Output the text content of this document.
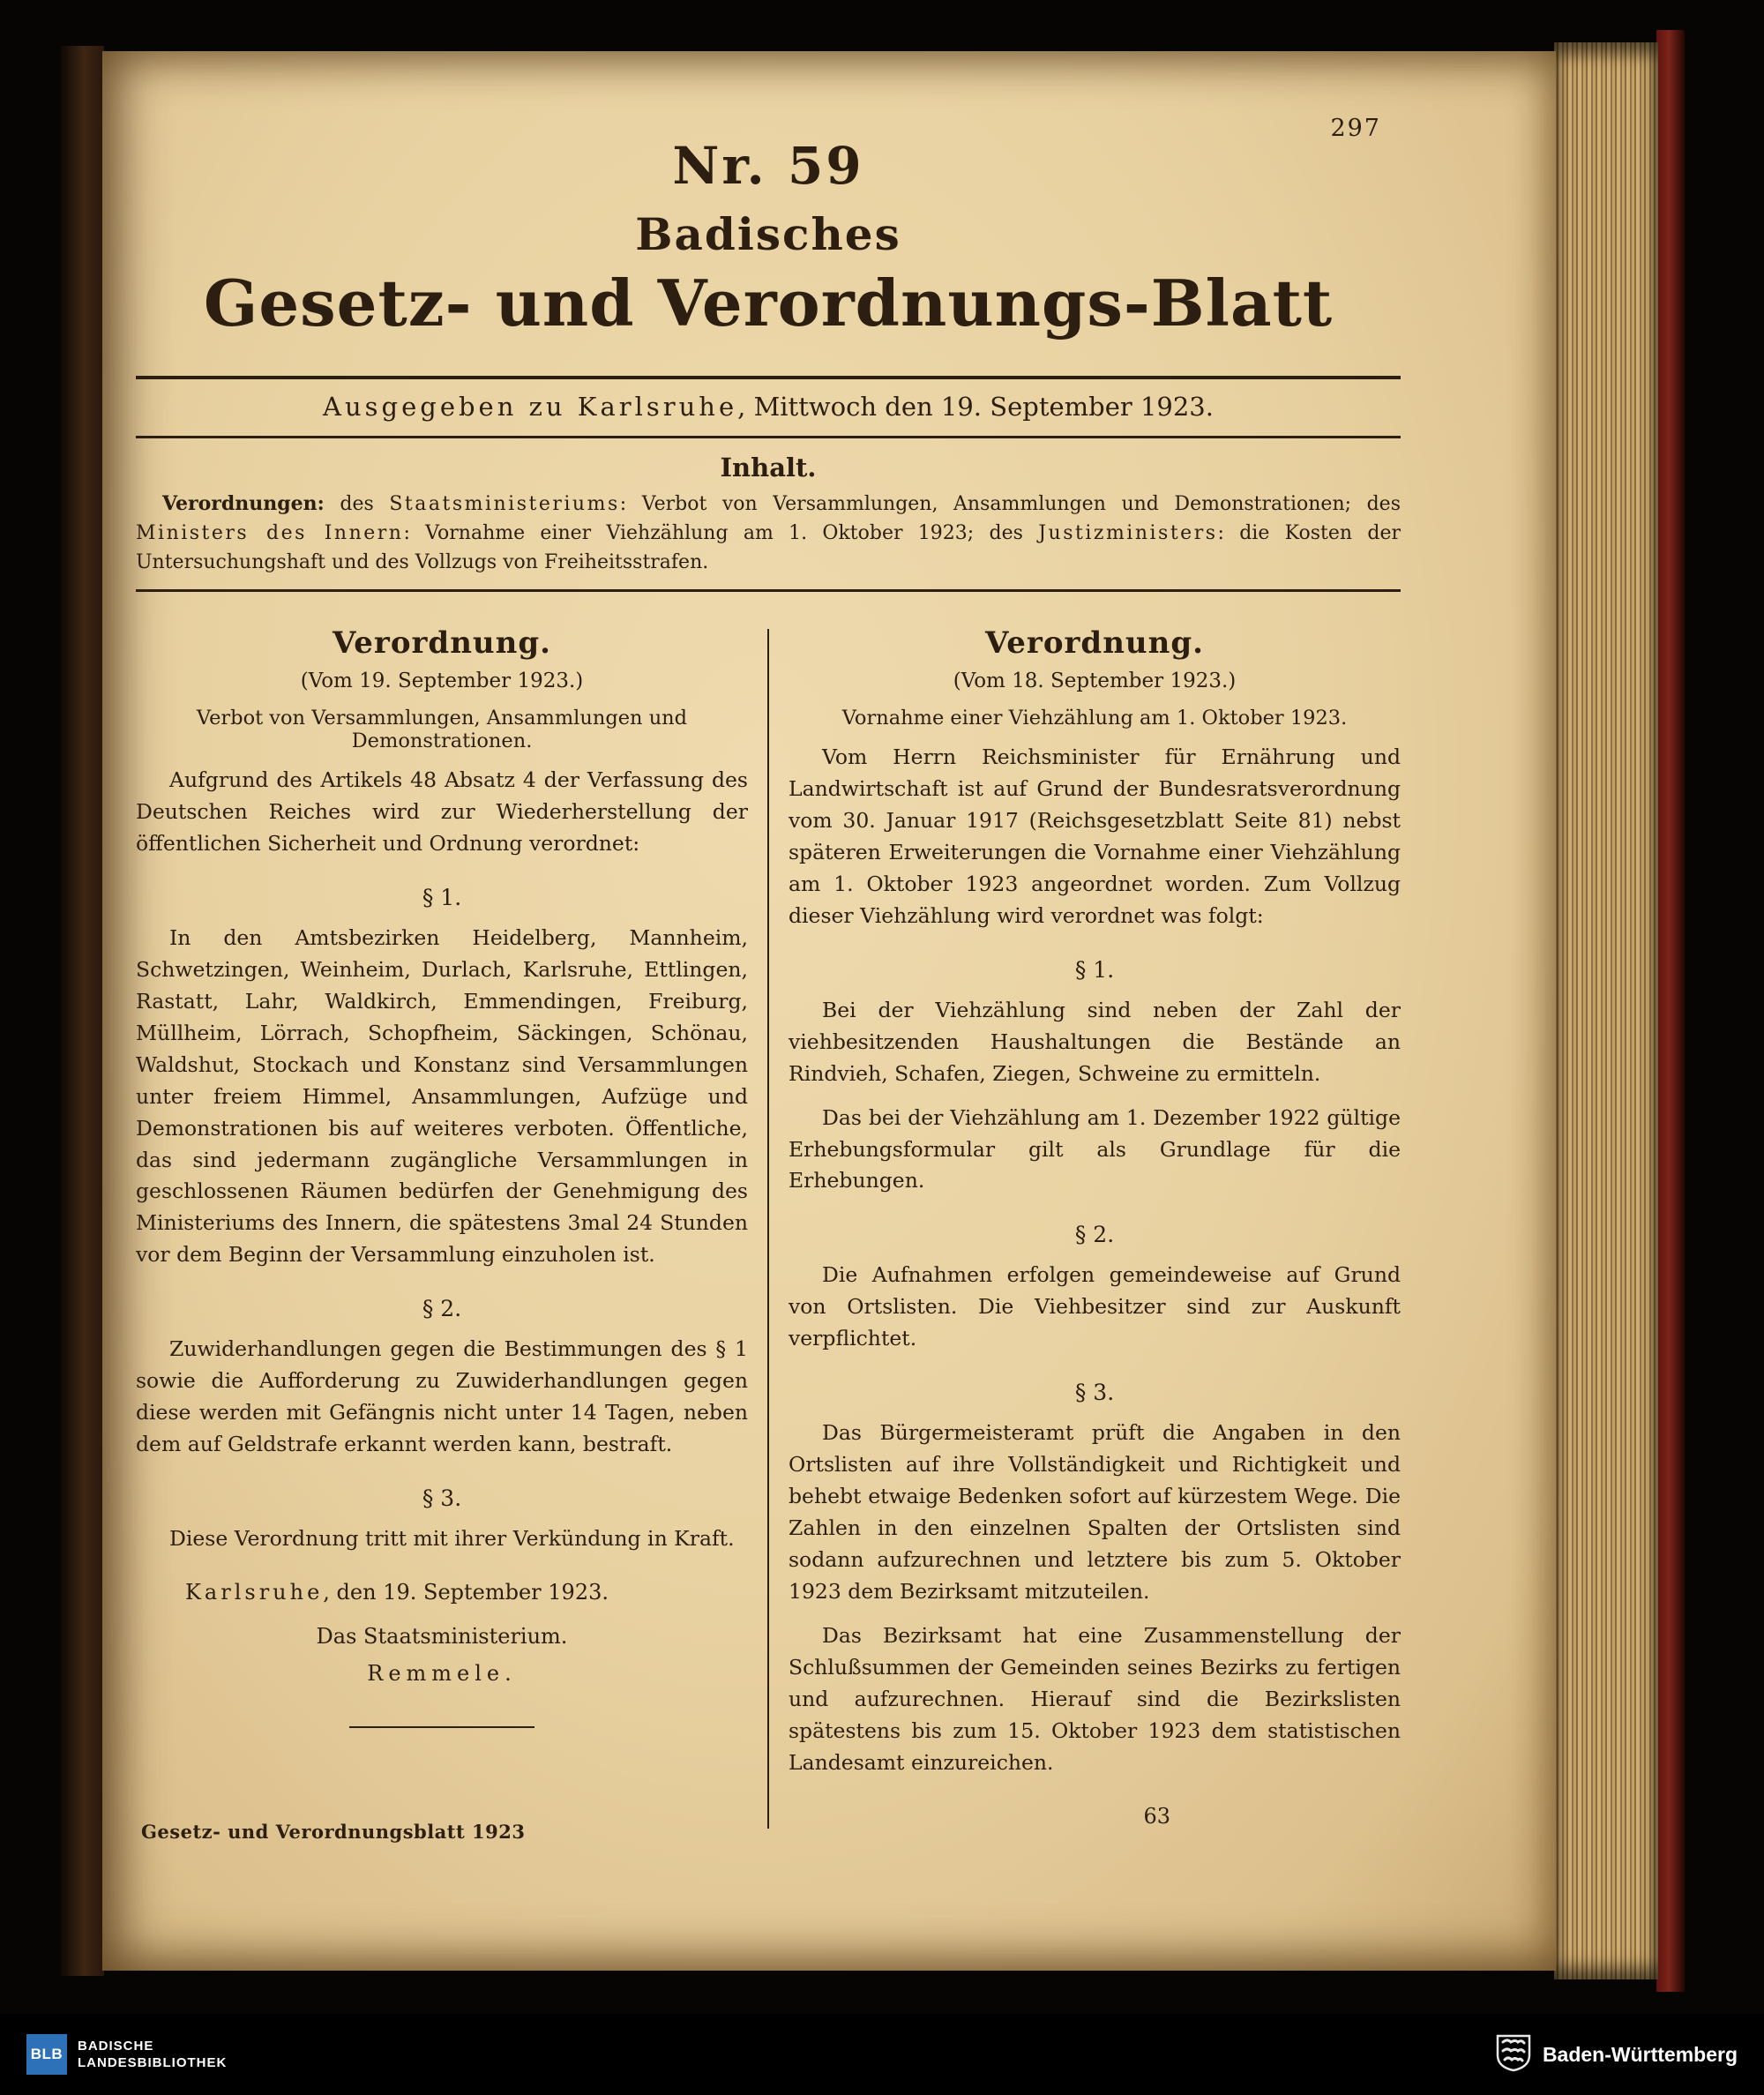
297
Nr. 59
Badisches
Gesetz- und Verordnungs-Blatt
Ausgegeben zu Karlsruhe, Mittwoch den 19. September 1923.
Inhalt.

Verordnungen: des Staatsministeriums: Verbot von Versammlungen, Ansammlungen und Demonstrationen; des Ministers des Innern: Vornahme einer Viehzählung am 1. Oktober 1923; des Justizministers: die Kosten der Untersuchungshaft und des Vollzugs von Freiheitsstrafen.

Verordnung.
(Vom 19. September 1923.)
Verbot von Versammlungen, Ansammlungen und Demonstrationen.

Aufgrund des Artikels 48 Absatz 4 der Verfassung des Deutschen Reiches wird zur Wiederherstellung der öffentlichen Sicherheit und Ordnung verordnet:

§ 1.

In den Amtsbezirken Heidelberg, Mannheim, Schwetzingen, Weinheim, Durlach, Karlsruhe, Ettlingen, Rastatt, Lahr, Waldkirch, Emmendingen, Freiburg, Müllheim, Lörrach, Schopfheim, Säckingen, Schönau, Waldshut, Stockach und Konstanz sind Versammlungen unter freiem Himmel, Ansammlungen, Aufzüge und Demonstrationen bis auf weiteres verboten. Öffentliche, das sind jedermann zugängliche Versammlungen in geschlossenen Räumen bedürfen der Genehmigung des Ministeriums des Innern, die spätestens 3mal 24 Stunden vor dem Beginn der Versammlung einzuholen ist.

§ 2.

Zuwiderhandlungen gegen die Bestimmungen des § 1 sowie die Aufforderung zu Zuwiderhandlungen gegen diese werden mit Gefängnis nicht unter 14 Tagen, neben dem auf Geldstrafe erkannt werden kann, bestraft.

§ 3.

Diese Verordnung tritt mit ihrer Verkündung in Kraft.

Karlsruhe, den 19. September 1923.

Das Staatsministerium.
Remmele.
Verordnung.
(Vom 18. September 1923.)
Vornahme einer Viehzählung am 1. Oktober 1923.

Vom Herrn Reichsminister für Ernährung und Landwirtschaft ist auf Grund der Bundesratsverordnung vom 30. Januar 1917 (Reichsgesetzblatt Seite 81) nebst späteren Erweiterungen die Vornahme einer Viehzählung am 1. Oktober 1923 angeordnet worden. Zum Vollzug dieser Viehzählung wird verordnet was folgt:

§ 1.

Bei der Viehzählung sind neben der Zahl der viehbesitzenden Haushaltungen die Bestände an Rindvieh, Schafen, Ziegen, Schweine zu ermitteln.

Das bei der Viehzählung am 1. Dezember 1922 gültige Erhebungsformular gilt als Grundlage für die Erhebungen.

§ 2.

Die Aufnahmen erfolgen gemeindeweise auf Grund von Ortslisten. Die Viehbesitzer sind zur Auskunft verpflichtet.

§ 3.

Das Bürgermeisteramt prüft die Angaben in den Ortslisten auf ihre Vollständigkeit und Richtigkeit und behebt etwaige Bedenken sofort auf kürzestem Wege. Die Zahlen in den einzelnen Spalten der Ortslisten sind sodann aufzurechnen und letztere bis zum 5. Oktober 1923 dem Bezirksamt mitzuteilen.

Das Bezirksamt hat eine Zusammenstellung der Schlußsummen der Gemeinden seines Bezirks zu fertigen und aufzurechnen. Hierauf sind die Bezirkslisten spätestens bis zum 15. Oktober 1923 dem statistischen Landesamt einzureichen.

63
Gesetz- und Verordnungsblatt 1923
BLB	BADISCHE
LANDESBIBLIOTHEK	Baden-Württemberg
